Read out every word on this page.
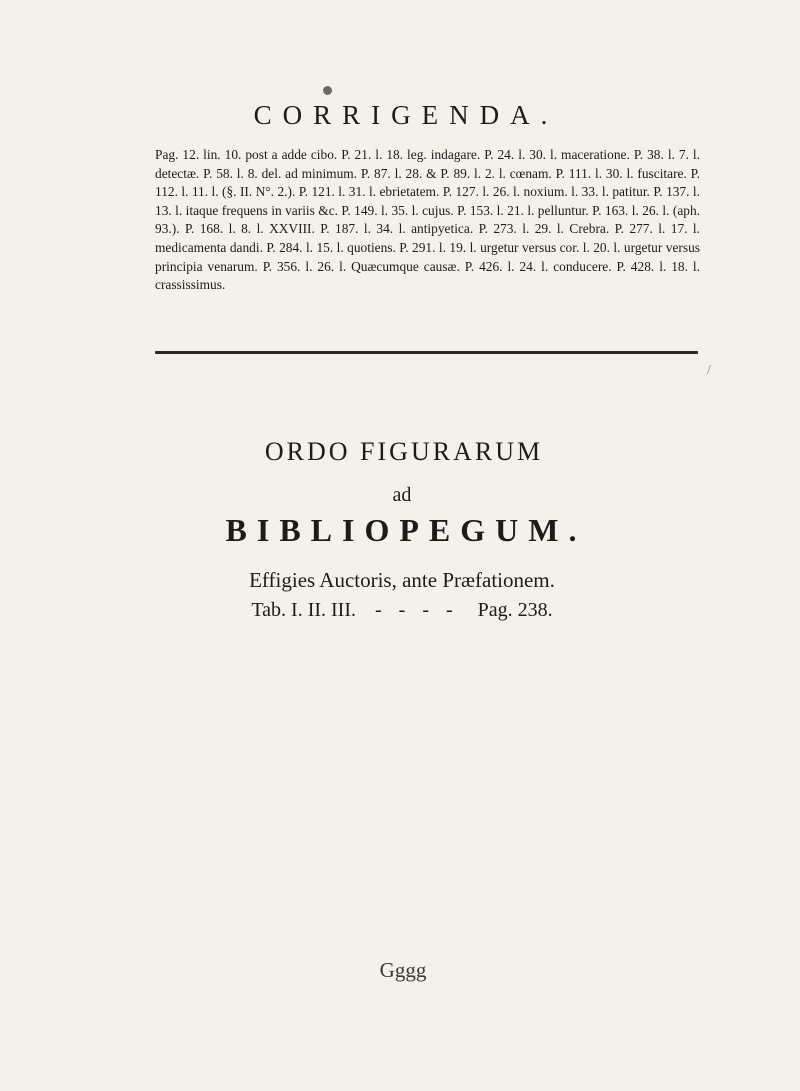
CORRIGENDA.
Pag. 12. lin. 10. post a adde cibo. P. 21. l. 18. leg. indagare. P. 24. l. 30. l. maceratione. P. 38. l. 7. l. detectæ. P. 58. l. 8. del. ad minimum. P. 87. l. 28. & P. 89. l. 2. l. cœnam. P. 111. l. 30. l. fuscitare. P. 112. l. 11. l. (§. II. N°. 2.). P. 121. l. 31. l. ebrietatem. P. 127. l. 26. l. noxium. l. 33. l. patitur. P. 137. l. 13. l. itaque frequens in variis &c. P. 149. l. 35. l. cujus. P. 153. l. 21. l. pelluntur. P. 163. l. 26. l. (aph. 93.). P. 168. l. 8. l. XXVIII. P. 187. l. 34. l. antipyetica. P. 273. l. 29. l. Crebra. P. 277. l. 17. l. medicamenta dandi. P. 284. l. 15. l. quotiens. P. 291. l. 19. l. urgetur versus cor. l. 20. l. urgetur versus principia venarum. P. 356. l. 26. l. Quæcumque causæ. P. 426. l. 24. l. conducere. P. 428. l. 18. l. crassissimus.
/
ORDO FIGURARUM
ad
BIBLIOPEGUM.
Effigies Auctoris, ante Præfationem.
Tab. I. II. III. - - - - Pag. 238.
Gggg
